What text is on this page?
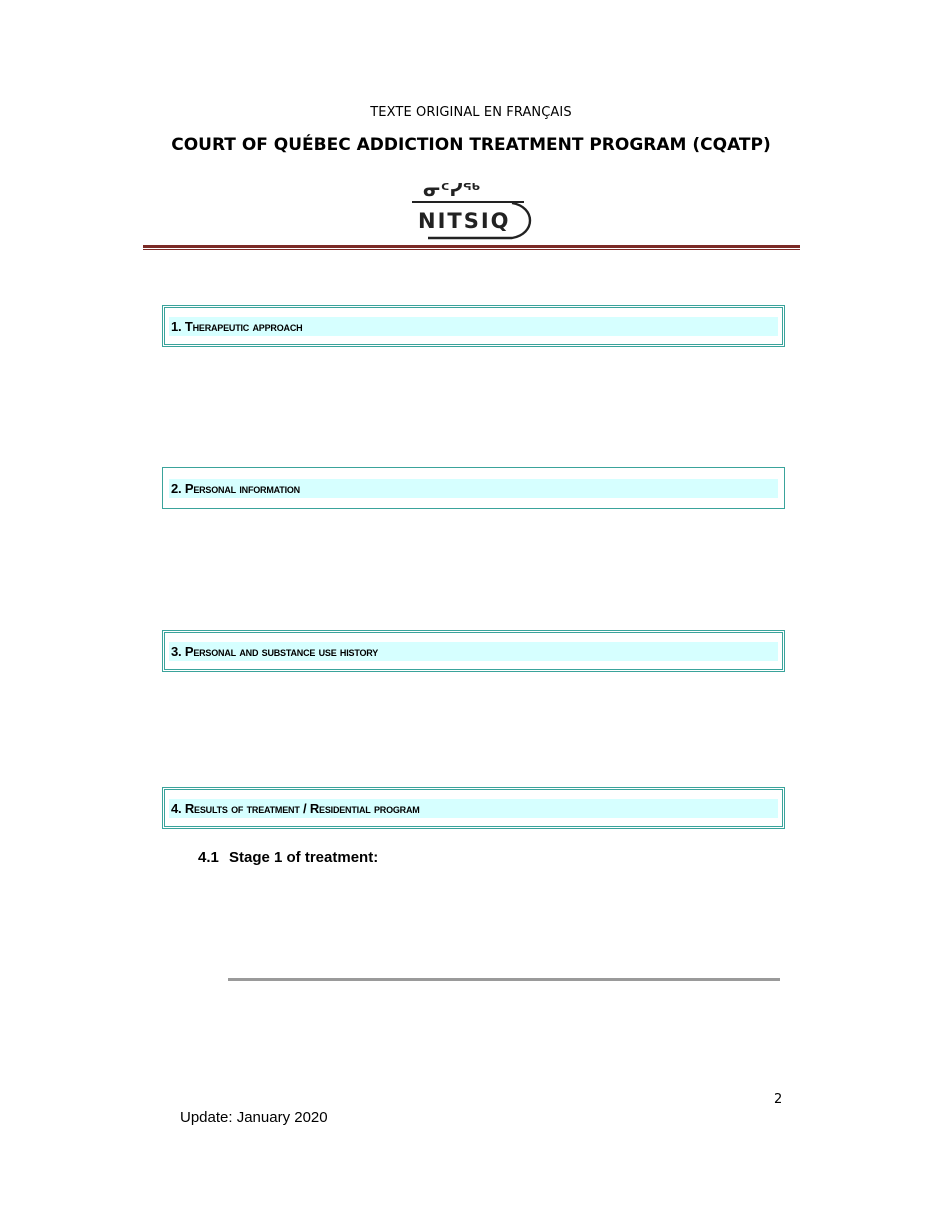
TEXTE ORIGINAL EN FRANÇAIS
COURT OF QUÉBEC ADDICTION TREATMENT PROGRAM (CQATP)
ᓂᑦᓯᖅ
NITSIQ
1. Therapeutic approach
2. Personal information
3. Personal and substance use history
4. Results of treatment / Residential program
4.1 Stage 1 of treatment:
2
Update: January 2020
